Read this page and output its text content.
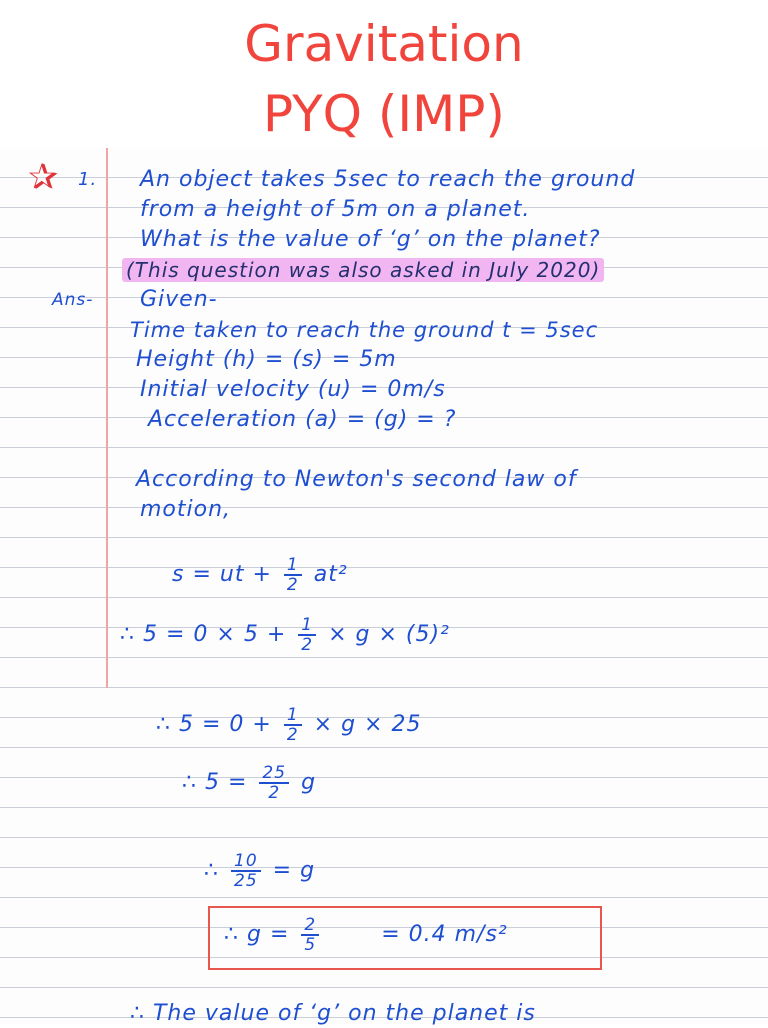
Gravitation
PYQ (IMP)
✰ 1. An object takes 5sec to reach the ground
from a height of 5m on a planet.
What is the value of ‘g’ on the planet?
(This question was also asked in July 2020)
Ans- Given-
Time taken to reach the ground t = 5sec
Height (h) = (s) = 5m
Initial velocity (u) = 0m/s
Acceleration (a) = (g) = ?
According to Newton's second law of
motion,
s = ut + $\frac{1}{2} at^2$
∴ $5 = 0 \times 5 + \frac{1}{2} \times g \times (5)^2$
∴ $5 = 0 + \frac{1}{2} \times g \times 25$
∴ $5 = \frac{25}{2}$ g
∴ $\frac{10}{25} = g$
∴ $g = \frac{2}{5}$	= 0.4 m/s²
∴ The value of ‘g’ on the planet is
